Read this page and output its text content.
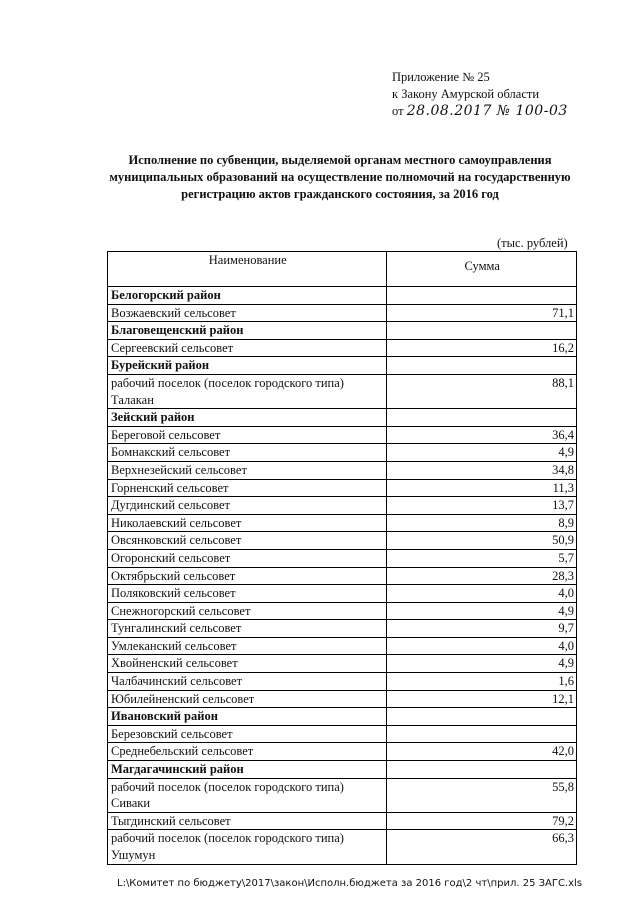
Приложение № 25
к Закону Амурской области
от 28.08.2017 № 100-03
Исполнение по субвенции, выделяемой органам местного самоуправления муниципальных образований на осуществление полномочий на государственную регистрацию актов гражданского состояния, за 2016 год
(тыс. рублей)
Наименование	Сумма

Белогорский район	

Возжаевский сельсовет	71,1

Благовещенский район	

Сергеевский сельсовет	16,2

Бурейский район	

рабочий поселок (поселок городского типа)
Талакан	88,1

Зейский район	

Береговой сельсовет	36,4

Бомнакский сельсовет	4,9

Верхнезейский сельсовет	34,8

Горненский сельсовет	11,3

Дугдинский сельсовет	13,7

Николаевский сельсовет	8,9

Овсянковский сельсовет	50,9

Огоронский сельсовет	5,7

Октябрьский сельсовет	28,3

Поляковский сельсовет	4,0

Снежногорский сельсовет	4,9

Тунгалинский сельсовет	9,7

Умлеканский сельсовет	4,0

Хвойненский сельсовет	4,9

Чалбачинский сельсовет	1,6

Юбилейненский сельсовет	12,1

Ивановский район	

Березовский сельсовет	

Среднебельский сельсовет	42,0

Магдагачинский район	

рабочий поселок (поселок городского типа)
Сиваки	55,8

Тыгдинский сельсовет	79,2

рабочий поселок (поселок городского типа)
Ушумун	66,3
L:\Комитет по бюджету\2017\закон\Исполн.бюджета за 2016 год\2 чт\прил. 25 ЗАГС.xls
